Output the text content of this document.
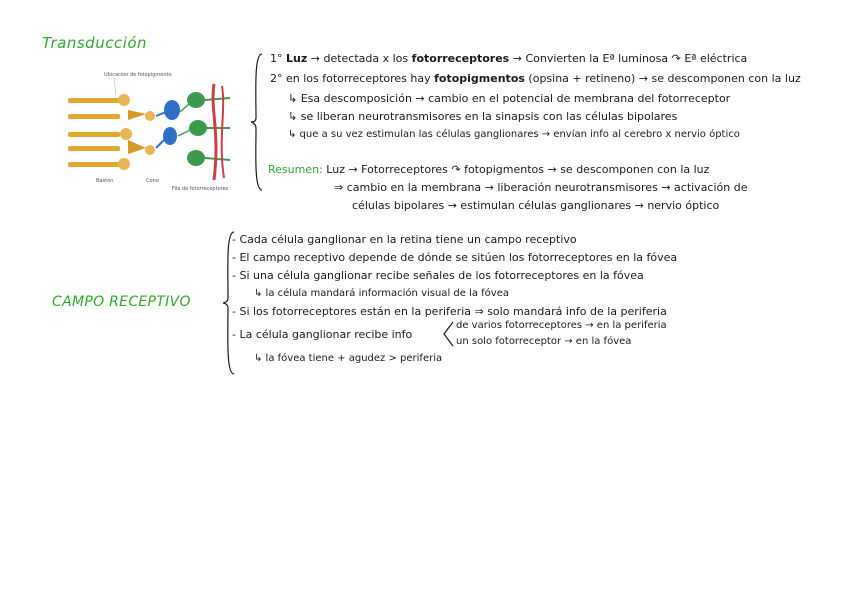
Transducción
Ubicación de fotopigmento
Bastón	Cono
Fila de fotorreceptores
1° Luz → detectada x los fotorreceptores → Convierten la Eª luminosa ↷ Eª eléctrica
2° en los fotorreceptores hay fotopigmentos (opsina + retineno) → se descomponen con la luz
↳ Esa descomposición → cambio en el potencial de membrana del fotorreceptor
↳ se liberan neurotransmisores en la sinapsis con las células bipolares
↳ que a su vez estimulan las células ganglionares → envían info al cerebro x nervio óptico
Resumen: Luz → Fotorreceptores ↷ fotopigmentos → se descomponen con la luz
⇒ cambio en la membrana → liberación neurotransmisores → activación de
células bipolares → estimulan células ganglionares → nervio óptico
CAMPO RECEPTIVO
- Cada célula ganglionar en la retina tiene un campo receptivo
- El campo receptivo depende de dónde se sitúen los fotorreceptores en la fóvea
- Si una célula ganglionar recibe señales de los fotorreceptores en la fóvea
↳ la célula mandará información visual de la fóvea
- Si los fotorreceptores están en la periferia ⇒ solo mandará info de la periferia
- La célula ganglionar recibe info
de varios fotorreceptores → en la periferia
un solo fotorreceptor → en la fóvea
↳ la fóvea tiene + agudez > periferia
